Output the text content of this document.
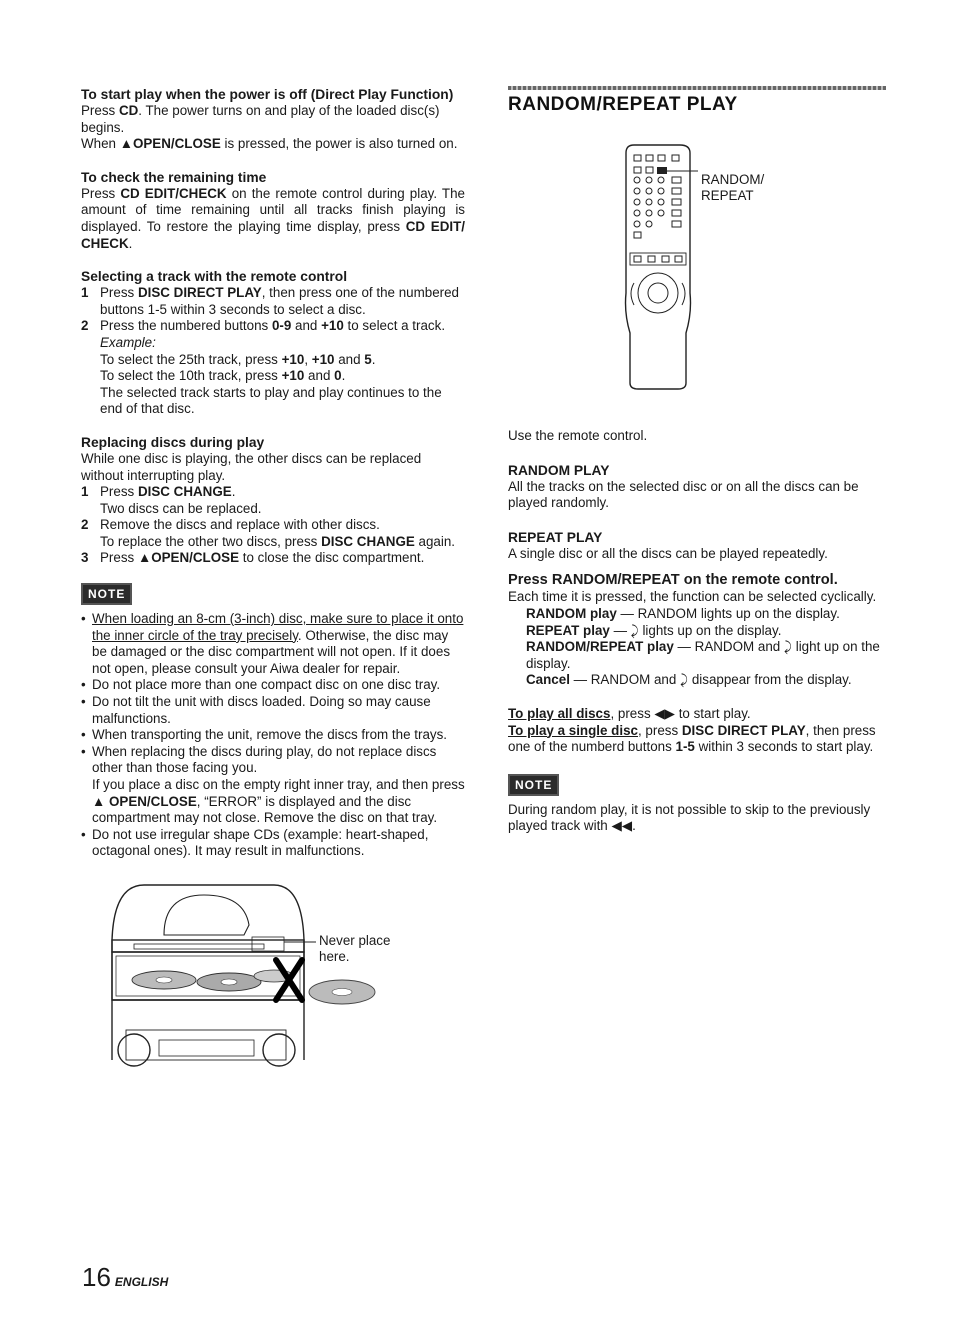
To start play when the power is off (Direct Play Function)

Press CD. The power turns on and play of the loaded disc(s) begins.

When ▲OPEN/CLOSE is pressed, the power is also turned on.

To check the remaining time

Press CD EDIT/CHECK on the remote control during play. The amount of time remaining until all tracks finish playing is displayed. To restore the playing time display, press CD EDIT/ CHECK.

Selecting a track with the remote control
1 Press DISC DIRECT PLAY, then press one of the numbered buttons 1-5 within 3 seconds to select a disc.
2 Press the numbered buttons 0-9 and +10 to select a track.

Example:

To select the 25th track, press +10, +10 and 5.

To select the 10th track, press +10 and 0.

The selected track starts to play and play continues to the end of that disc.

Replacing discs during play

While one disc is playing, the other discs can be replaced without interrupting play.

1 Press DISC CHANGE.

Two discs can be replaced.

2 Remove the discs and replace with other discs.

To replace the other two discs, press DISC CHANGE again.

3 Press ▲OPEN/CLOSE to close the disc compartment.
NOTE
• When loading an 8-cm (3-inch) disc, make sure to place it onto the inner circle of the tray precisely. Otherwise, the disc may be damaged or the disc compartment will not open. If it does not open, please consult your Aiwa dealer for repair.
• Do not place more than one compact disc on one disc tray.
• Do not tilt the unit with discs loaded. Doing so may cause malfunctions.
• When transporting the unit, remove the discs from the trays.
• When replacing the discs during play, do not replace discs other than those facing you.

If you place a disc on the empty right inner tray, and then press ▲ OPEN/CLOSE, “ERROR” is displayed and the disc compartment may not close. Remove the disc on that tray.

• Do not use irregular shape CDs (example: heart-shaped, octagonal ones). It may result in malfunctions.
Never place here.
RANDOM/REPEAT PLAY
RANDOM/ REPEAT

Use the remote control.

RANDOM PLAY

All the tracks on the selected disc or on all the discs can be played randomly.

REPEAT PLAY

A single disc or all the discs can be played repeatedly.

Press RANDOM/REPEAT on the remote control.

Each time it is pressed, the function can be selected cyclically.

RANDOM play — RANDOM lights up on the display.

REPEAT play — ⤸ lights up on the display.

RANDOM/REPEAT play — RANDOM and ⤸ light up on the display.

Cancel — RANDOM and ⤸ disappear from the display.

To play all discs, press ◀▶ to start play.

To play a single disc, press DISC DIRECT PLAY, then press one of the numberd buttons 1-5 within 3 seconds to start play.

NOTE

During random play, it is not possible to skip to the previously played track with ◀◀.

16 ENGLISH
